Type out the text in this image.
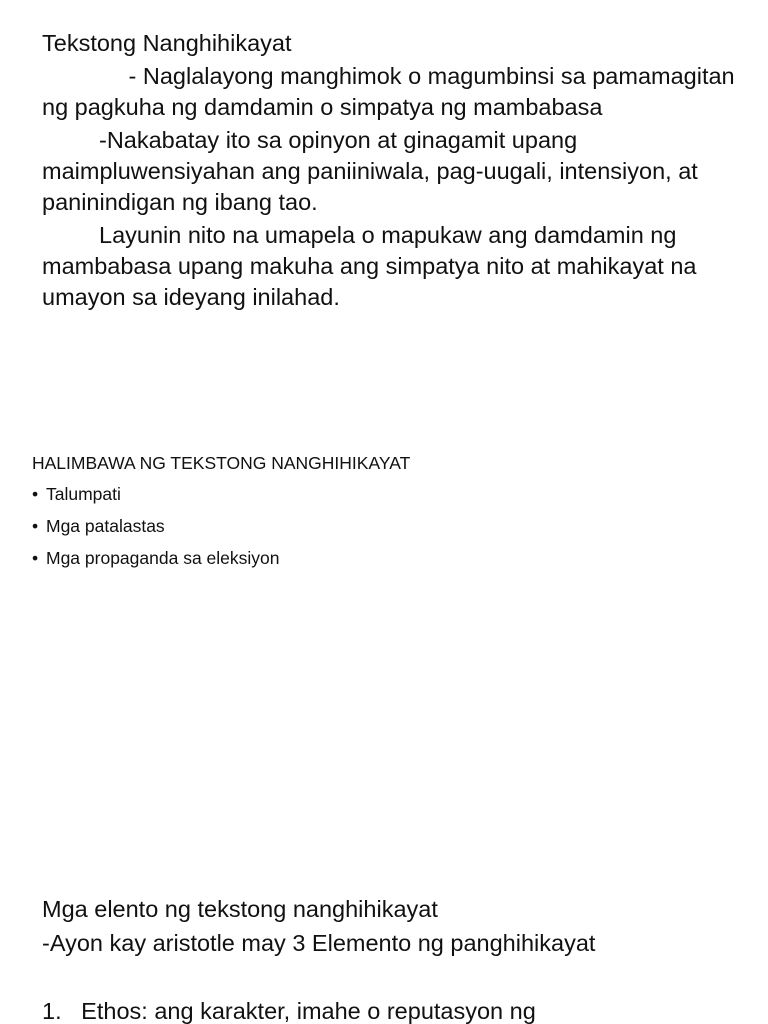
Tekstong Nanghihikayat

- Naglalayong manghimok o magumbinsi sa pamamagitan ng pagkuha ng damdamin o simpatya ng mambabasa

-Nakabatay ito sa opinyon at ginagamit upang maimpluwensiyahan ang paniiniwala, pag-uugali, intensiyon, at paninindigan ng ibang tao.

Layunin nito na umapela o mapukaw ang damdamin ng mambabasa upang makuha ang simpatya nito at mahikayat na umayon sa ideyang inilahad.

HALIMBAWA NG TEKSTONG NANGHIHIKAYAT

• Talumpati
• Mga patalastas
• Mga propaganda sa eleksiyon

Mga elento ng tekstong nanghihikayat

-Ayon kay aristotle may 3 Elemento ng panghihikayat

1.   Ethos: ang karakter, imahe o reputasyon ng
